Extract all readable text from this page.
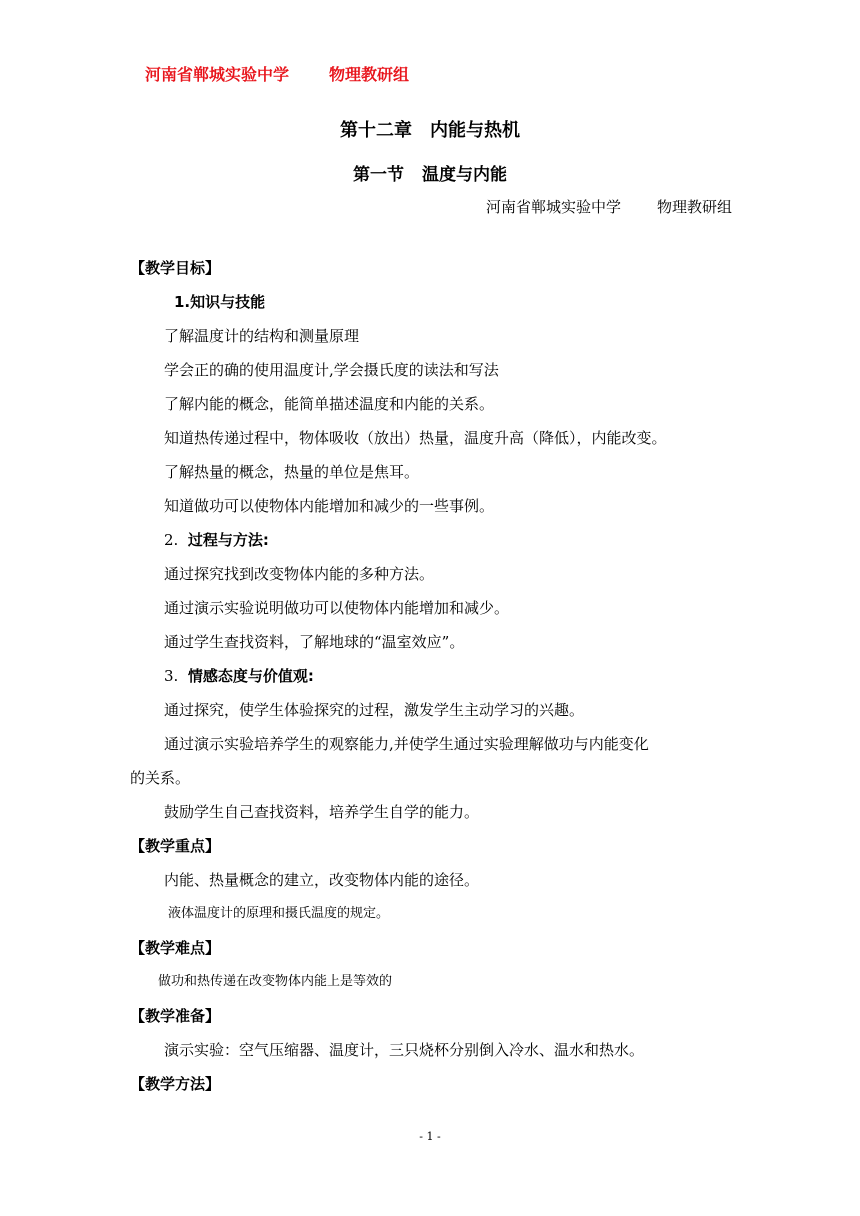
河南省郸城实验中学	物理教研组
第十二章 内能与热机
第一节 温度与内能
河南省郸城实验中学 物理教研组

【教学目标】

1.知识与技能

了解温度计的结构和测量原理

学会正的确的使用温度计,学会摄氏度的读法和写法

了解内能的概念，能简单描述温度和内能的关系。

知道热传递过程中，物体吸收（放出）热量，温度升高（降低），内能改变。

了解热量的概念，热量的单位是焦耳。

知道做功可以使物体内能增加和减少的一些事例。

2. 过程与方法:

通过探究找到改变物体内能的多种方法。

通过演示实验说明做功可以使物体内能增加和减少。

通过学生查找资料，了解地球的“温室效应”。

3. 情感态度与价值观:

通过探究，使学生体验探究的过程，激发学生主动学习的兴趣。

通过演示实验培养学生的观察能力,并使学生通过实验理解做功与内能变化

的关系。

鼓励学生自己查找资料，培养学生自学的能力。

【教学重点】

内能、热量概念的建立，改变物体内能的途径。

液体温度计的原理和摄氏温度的规定。

【教学难点】

做功和热传递在改变物体内能上是等效的

【教学准备】

演示实验：空气压缩器、温度计，三只烧杯分别倒入冷水、温水和热水。

【教学方法】

- 1 -
